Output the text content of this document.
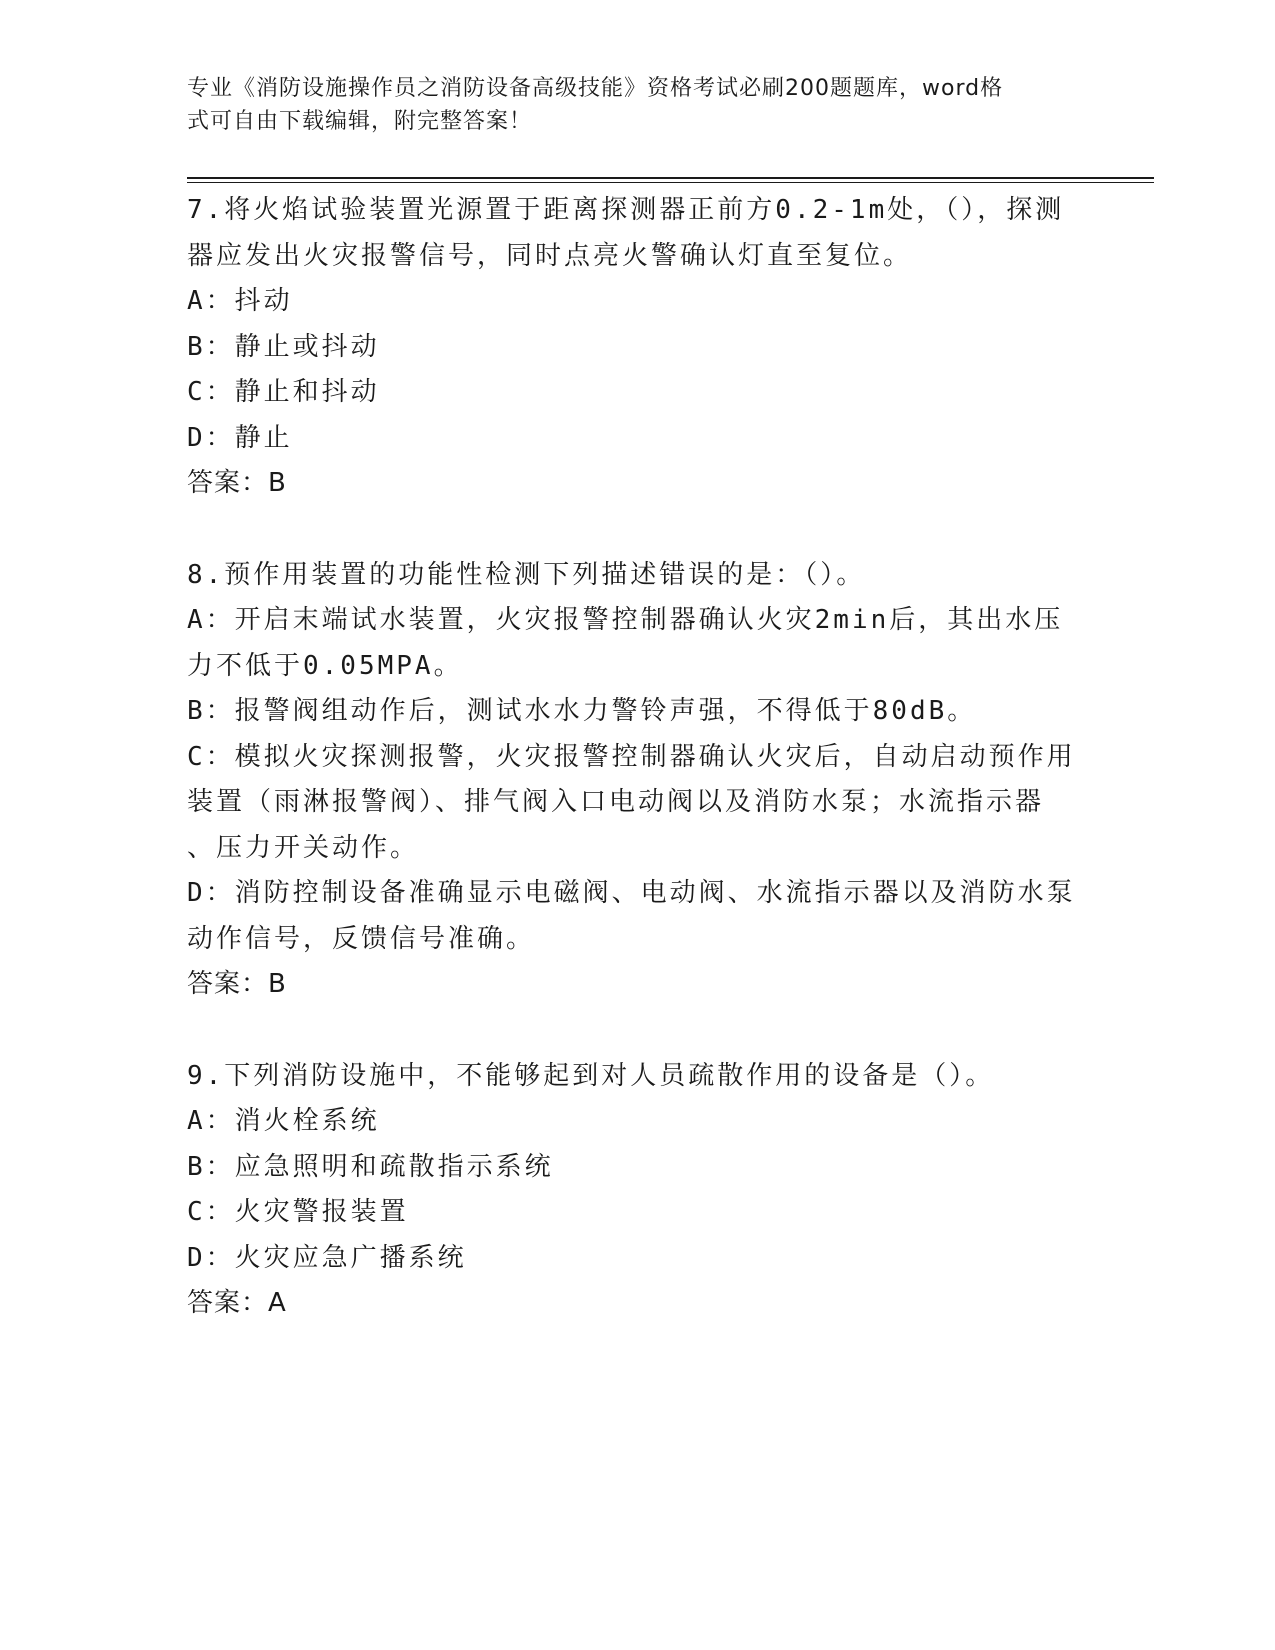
专业《消防设施操作员之消防设备高级技能》资格考试必刷200题题库，word格
式可自由下载编辑，附完整答案！
7.将火焰试验装置光源置于距离探测器正前方0.2-1m处，（），探测
器应发出火灾报警信号，同时点亮火警确认灯直至复位。
A：抖动
B：静止或抖动
C：静止和抖动
D：静止
答案：B
8.预作用装置的功能性检测下列描述错误的是：（）。
A：开启末端试水装置，火灾报警控制器确认火灾2min后，其出水压
力不低于0.05MPA。
B：报警阀组动作后，测试水水力警铃声强，不得低于80dB。
C：模拟火灾探测报警，火灾报警控制器确认火灾后，自动启动预作用
装置（雨淋报警阀）、排气阀入口电动阀以及消防水泵；水流指示器
、压力开关动作。
D：消防控制设备准确显示电磁阀、电动阀、水流指示器以及消防水泵
动作信号，反馈信号准确。
答案：B
9.下列消防设施中，不能够起到对人员疏散作用的设备是（）。
A：消火栓系统
B：应急照明和疏散指示系统
C：火灾警报装置
D：火灾应急广播系统
答案：A
